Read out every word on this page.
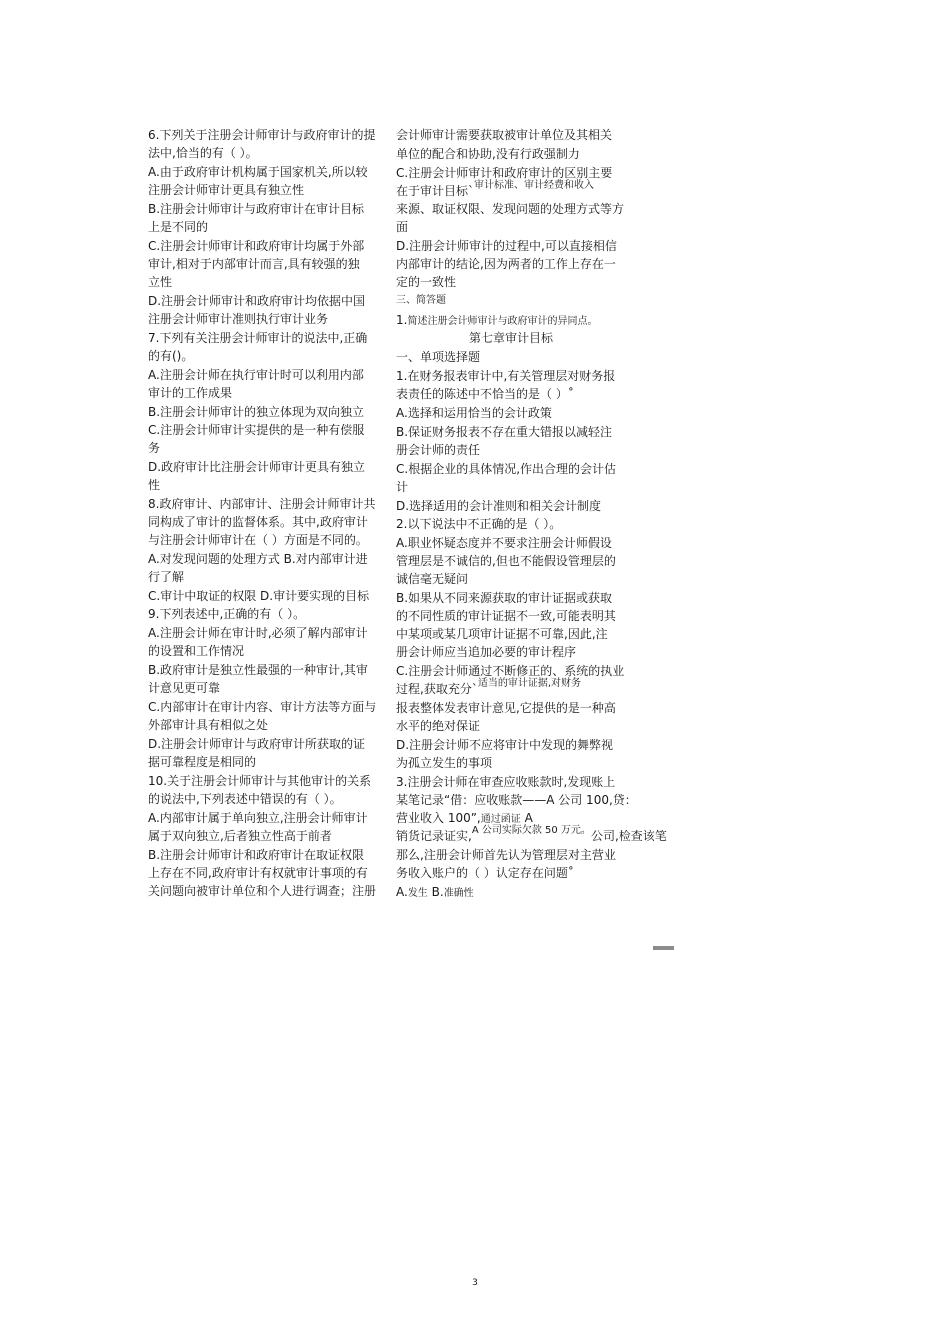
6.下列关于注册会计师审计与政府审计的提
法中,恰当的有（ ）。
A.由于政府审计机构属于国家机关,所以较
注册会计师审计更具有独立性
B.注册会计师审计与政府审计在审计目标
上是不同的
C.注册会计师审计和政府审计均属于外部
审计,相对于内部审计而言,具有较强的独
立性
D.注册会计师审计和政府审计均依据中国
注册会计师审计准则执行审计业务
7.下列有关注册会计师审计的说法中,正确
的有()。
A.注册会计师在执行审计时可以利用内部
审计的工作成果
B.注册会计师审计的独立体现为双向独立
C.注册会计师审计实提供的是一种有偿服
务
D.政府审计比注册会计师审计更具有独立
性
8.政府审计、内部审计、注册会计师审计共
同构成了审计的监督体系。其中,政府审计
与注册会计师审计在（ ）方面是不同的。
A.对发现问题的处理方式 B.对内部审计进
行了解
C.审计中取证的权限 D.审计要实现的目标
9.下列表述中,正确的有（ ）。
A.注册会计师在审计时,必须了解内部审计
的设置和工作情况
B.政府审计是独立性最强的一种审计,其审
计意见更可靠
C.内部审计在审计内容、审计方法等方面与
外部审计具有相似之处
D.注册会计师审计与政府审计所获取的证
据可靠程度是相同的
10.关于注册会计师审计与其他审计的关系
的说法中,下列表述中错误的有（ ）。
A.内部审计属于单向独立,注册会计师审计
属于双向独立,后者独立性高于前者
B.注册会计师审计和政府审计在取证权限
上存在不同,政府审计有权就审计事项的有
关问题向被审计单位和个人进行调查；注册
会计师审计需要获取被审计单位及其相关
单位的配合和协助,没有行政强制力
C.注册会计师审计和政府审计的区别主要
在于审计目标`$^{审计标准、审计经费和收入}$
来源、取证权限、发现问题的处理方式等方
面
D.注册会计师审计的过程中,可以直接相信
内部审计的结论,因为两者的工作上存在一
定的一致性
三、简答题
1.简述注册会计师审计与政府审计的异同点。
第七章审计目标
一、单项选择题
1.在财务报表审计中,有关管理层对财务报
表责任的陈述中不恰当的是（ ）˚
A.选择和运用恰当的会计政策
B.保证财务报表不存在重大错报以减轻注
册会计师的责任
C.根据企业的具体情况,作出合理的会计估
计
D.选择适用的会计准则和相关会计制度
2.以下说法中不正确的是（ ）。
A.职业怀疑态度并不要求注册会计师假设
管理层是不诚信的,但也不能假设管理层的
诚信毫无疑问
B.如果从不同来源获取的审计证据或获取
的不同性质的审计证据不一致,可能表明其
中某项或某几项审计证据不可靠,因此,注
册会计师应当追加必要的审计程序
C.注册会计师通过不断修正的、系统的执业
过程,获取充分`$^{适当的审计证据,对财务}$
报表整体发表审计意见,它提供的是一种高
水平的绝对保证
D.注册会计师不应将审计中发现的舞弊视
为孤立发生的事项
3.注册会计师在审查应收账款时,发现账上
某笔记录“借：应收账款——A 公司 100,贷：
营业收入 100”,通过函证 A
销货记录证实,$^{A 公司实际欠款 50 万元。}$公司,检查该笔
那么,注册会计师首先认为管理层对主营业
务收入账户的（ ）认定存在问题˚
A.发生 B.准确性
3
